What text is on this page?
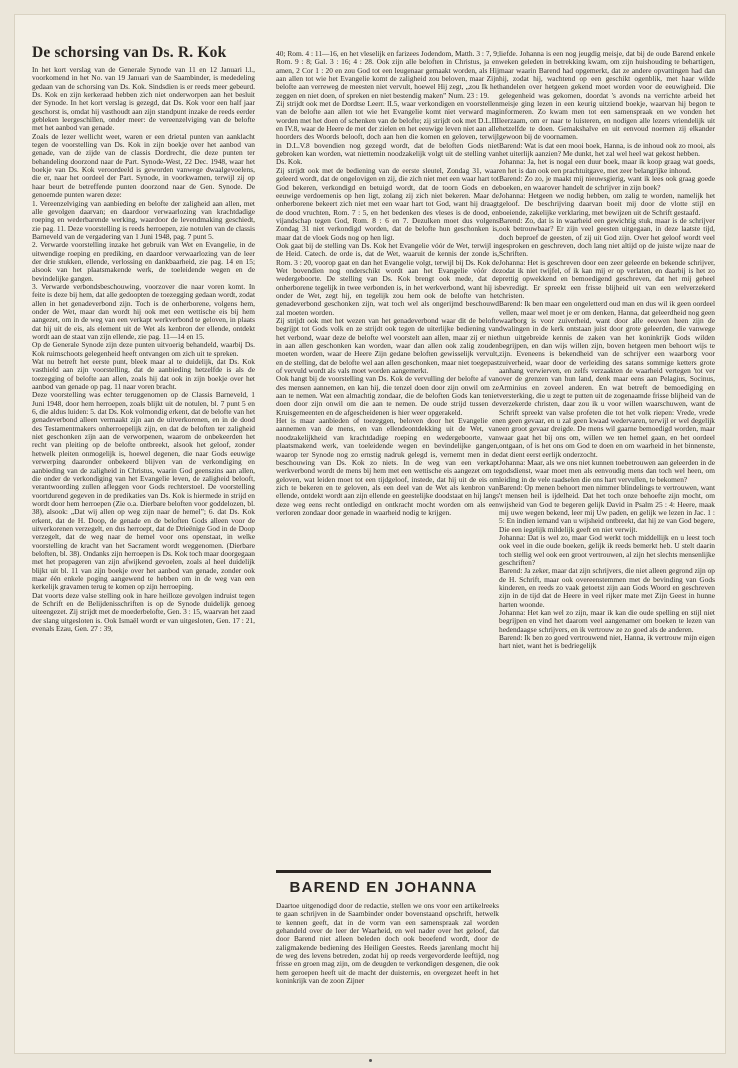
De schorsing van Ds. R. Kok

In het kort verslag van de Generale Synode van 11 en 12 Januari l.l., voorkomend in het No. van 19 Januari van de Saambinder, is mededeling gedaan van de schorsing van Ds. Kok. Sindsdien is er reeds meer gebeurd. Ds. Kok en zijn kerkeraad hebben zich niet onderworpen aan het besluit der Synode. In het kort verslag is gezegd, dat Ds. Kok voor een half jaar geschorst is, omdat hij vasthoudt aan zijn standpunt inzake de reeds eerder gebleken leergeschillen, onder meer: de vereenzelviging van de belofte met het aanbod van genade.

Zoals de lezer wellicht weet, waren er een drietal punten van aanklacht tegen de voorstelling van Ds. Kok in zijn boekje over het aanbod van genade, van de zijde van de classis Dordrecht, die deze punten ter behandeling doorzond naar de Part. Synode-West, 22 Dec. 1948, waar het boekje van Ds. Kok veroordeeld is geworden vanwege dwaalgevoelens, die er, naar het oordeel der Part. Synode, in voorkwamen, terwijl zij op haar beurt de betreffende punten doorzond naar de Gen. Synode. De genoemde punten waren deze:

1. Vereenzelviging van aanbieding en belofte der zaligheid aan allen, met alle gevolgen daarvan; en daardoor verwaarlozing van krachtdadige roeping en wederbarende werking, waardoor de levendmaking geschiedt, zie pag. 11. Deze voorstelling is reeds herroepen, zie notulen van de classis Barneveld van de vergadering van 1 Juni 1948, pag. 7 punt 5.

2. Verwarde voorstelling inzake het gebruik van Wet en Evangelie, in de uitwendige roeping en prediking, en daardoor verwaarlozing van de leer der drie stukken, ellende, verlossing en dankbaarheid, zie pag. 14 en 15; alsook van het plaatsmakende werk, de toeleidende wegen en de bevindelijke gangen.

3. Verwarde verbondsbeschouwing, voorzover die naar voren komt. In feite is deze bij hem, dat alle gedoopten de toezegging gedaan wordt, zodat allen in het genadeverbond zijn. Toch is de onherborene, volgens hem, onder de Wet, maar dan wordt hij ook met een wettische eis bij hem aangezet, om in de weg van een verkapt werkverbond te geloven, in plaats dat hij uit de eis, als element uit de Wet als kenbron der ellende, ontdekt wordt aan de staat van zijn ellende, zie pag. 11—14 en 15.

Op de Generale Synode zijn deze punten uitvoerig behandeld, waarbij Ds. Kok ruimschoots gelegenheid heeft ontvangen om zich uit te spreken.

Wat nu betreft het eerste punt, bleek maar al te duidelijk, dat Ds. Kok vasthield aan zijn voorstelling, dat de aanbieding hetzelfde is als de toezegging of belofte aan allen, zoals hij dat ook in zijn boekje over het aanbod van genade op pag. 11 naar voren bracht.

Deze voorstelling was echter teruggenomen op de Classis Barneveld, 1 Juni 1948, door hem herroepen, zoals blijkt uit de notulen, bl. 7 punt 5 en 6, die aldus luiden: 5. dat Ds. Kok volmondig erkent, dat de belofte van het genadeverbond alleen vermaakt zijn aan de uitverkorenen, en in de dood des Testamentmakers onherroepelijk zijn, en dat de beloften ter zaligheid niet geschonken zijn aan de verworpenen, waarom de onbekeerden het recht van pleiting op de belofte ontbreekt, alsook het geloof, zonder hetwelk pleiten onmogelijk is, hoewel degenen, die naar Gods eeuwige verwerping daaronder onbekeerd blijven van de verkondiging en aanbieding van de zaligheid in Christus, waarin God geenszins aan allen, die onder de verkondiging van het Evangelie leven, de zaligheid belooft, verantwoording zullen afleggen voor Gods rechterstoel. De voorstelling voortdurend gegeven in de predikaties van Ds. Kok is hiermede in strijd en wordt door hem herroepen (Zie o.a. Dierbare beloften voor goddelozen, bl. 38), alsook: „Dat wij allen op weg zijn naar de hemel”; 6. dat Ds. Kok erkent, dat de H. Doop, de genade en de beloften Gods alleen voor de uitverkorenen verzegelt, en dus herroept, dat de Drieënige God in de Doop verzegelt, dat de weg naar de hemel voor ons openstaat, in welke voorstelling de kracht van het Sacrament wordt weggenomen. (Dierbare beloften, bl. 38). Ondanks zijn herroepen is Ds. Kok toch maar doorgegaan met het propageren van zijn afwijkend gevoelen, zoals al heel duidelijk blijkt uit bl. 11 van zijn boekje over het aanbod van genade, zonder ook maar één enkele poging aangewend te hebben om in de weg van een kerkelijk gravamen terug te komen op zijn herroeping.

Dat voorts deze valse stelling ook in hare heilloze gevolgen indruist tegen de Schrift en de Belijdenisschriften is op de Synode duidelijk genoeg uiteengezet. Zij strijdt met de moederbelofte, Gen. 3 : 15, waarvan het zaad der slang uitgesloten is. Ook Ismaël wordt er van uitgesloten, Gen. 17 : 21, evenals Ezau, Gen. 27 : 39,

40; Rom. 4 : 11—16, en het vleselijk en farizees Jodendom, Matth. 3 : 7, 9; Rom. 9 : 8; Gal. 3 : 16; 4 : 28. Ook zijn alle beloften in Christus, ja en amen, 2 Cor 1 : 20 en zou God tot een leugenaar gemaakt worden, als Hij aan allen tot wie het Evangelie komt de zaligheid zou beloven, maar Zijn belofte aan verreweg de meesten niet vervult, hoewel Hij zegt, „zou Ik het zeggen en niet doen, of spreken en niet bestendig maken” Num. 23 : 19.

Zij strijdt ook met de Dordtse Leerr. II.5, waar verkondigen en voorstellen van de belofte aan allen tot wie het Evangelie komt niet verward mag worden met het doen of schenken van de belofte; zij strijdt ook met D.L.III en IV.8, waar de Heere de met der zielen en het eeuwige leven niet aan alle hoorders des Woords belooft, doch aan hen die komen en geloven, terwijl in D.L.V.8 bovendien nog gezegd wordt, dat de beloften Gods niet gebroken kan worden, wat niettemin noodzakelijk volgt uit de stelling van Ds. Kok.

Zij strijdt ook met de bediening van de eerste sleutel, Zondag 31, waar geleerd wordt, dat de ongelovigen en zij, die zich niet met een waar hart tot God bekeren, verkondigd en betuigd wordt, dat de toorn Gods en de eeuwige verdoemenis op hen ligt, zolang zij zich niet bekeren. Maar de onherborene bekeert zich niet met een waar hart tot God, want hij draagt de dood vruchten, Rom. 7 : 5, en het bedenken des vleses is de dood, en vijandschap tegen God, Rom. 8 : 6 en 7. Dezulken moet dus volgens Zondag 31 niet verkondigd worden, dat de belofte hun geschonken is, maar dat de vloek Gods nog op hen ligt.

Ook gaat bij de stelling van Ds. Kok het Evangelie vóór de Wet, terwijl in de Heid. Catech. de orde is, dat de Wet, waaruit de kennis der zonde is, Rom. 3 : 20, voorop gaat en dan het Evangelie volgt, terwijl bij Ds. Kok de Wet bovendien nog onderschikt wordt aan het Evangelie vóór de wedergeboorte. De stelling van Ds. Kok brengt ook mede, dat de onherborene tegelijk in twee verbonden is, in het werkverbond, want hij is onder de Wet, zegt hij, en tegelijk zou hem ook de belofte van het genadeverbond geschonken zijn, wat toch wel als ongerijmd beschouwd zal moeten worden.

Zij strijdt ook met het wezen van het genadeverbond waar dit de belofte begrijpt tot Gods volk en ze strijdt ook tegen de uiterlijke bediening van het verbond, waar deze de belofte wel voorstelt aan allen, maar zij er niet in aan allen geschonken kan worden, waar dan allen ook zalig zouden moeten worden, waar de Heere Zijn gedane beloften gewisselijk vervult, en de stelling, dat de belofte wel aan allen geschonken, maar niet toegepast of vervuld wordt als vals moet worden aangemerkt.

Ook hangt bij de voorstelling van Ds. Kok de vervulling der belofte af van des mensen aannemen, en kan hij, die tenzel doen door zijn onwil om ze aan te nemen. Wat een almachtig zondaar, die de beloften Gods kan teniet doen door zijn onwil om die aan te nemen. De oude strijd tussen de Kruisgemeenten en de afgescheidenen is hier weer opgerakeld.

Het is maar aanbieden of toezeggen, beloven door het Evangelie en aannemen van de mens, en van ellendeontdekking uit de Wet, van noodzakelijkheid van krachtdadige roeping en wedergeboorte, van plaatsmakend werk, van toeleidende wegen en bevindelijke gangen, waarop ter Synode nog zo ernstig nadruk gelegd is, vernemt men in de beschouwing van Ds. Kok zo niets. In de weg van een verkapt werkverbond wordt de mens bij hem met een wettische eis aangezet om te geloven, wat leiden moet tot een tijdgeloof, instede, dat hij uit de eis om zich te bekeren en te geloven, als een deel van de Wet als kenbron van ellende, ontdekt wordt aan zijn ellende en geestelijke doodstaat en hij langs deze weg eens recht ontledigd en ontkracht mocht worden om als een verloren zondaar door genade in waarheid nodig te krijgen.

BAREND EN JOHANNA

Daartoe uitgenodigd door de redactie, stellen we ons voor een artikelreeks te gaan schrijven in de Saambinder onder bovenstaand opschrift, hetwelk te kennen geeft, dat in de vorm van een samenspraak zal worden gehandeld over de leer der Waarheid, en wel nader over het geloof, dat door Barend niet alleen beleden doch ook beoefend wordt, door de zaligmakende bediening des Heiligen Geestes. Reeds jarenlang mocht hij de weg des levens betreden, zodat hij op reeds vergevorderde leeftijd, nog frisse en groen mag zijn, om de deugden te verkondigen desgenen, die ook hem geroepen heeft uit de macht der duisternis, en overgezet heeft in het koninkrijk van de zoon Zijner

liefde. Johanna is een nog jeugdig meisje, dat bij de oude Barend enkele weken geleden in betrekking kwam, om zijn huishouding te behartigen, maar waarin Barend had opgemerkt, dat ze andere opvattingen had dan hij, zodat hij, wachtend op een geschikt ogenblik, met haar wilde handelen over hetgeen gekend moet worden voor de eeuwigheid. Die gelegenheid was gekomen, doordat 's avonds na verrichte arbeid het meisje ging lezen in een keurig uitziend boekje, waarvan hij begon te informeren. Zo kwam men tot een samenspraak en we vonden het leerzaam, om er naar te luisteren, en nodigen alle lezers vriendelijk uit hetzelfde te doen. Gemakshalve en uit eenvoud noemen zij elkander gewoon bij de voornamen.

Barend: Wat is dat een mooi boek, Hanna, is de inhoud ook zo mooi, als het uiterlijk aanzien? Me dunkt, het zal wel heel wat gekost hebben.

Johanna: Ja, het is nogal een duur boek, maar ik koop graag wat goeds, en het is dan ook een prachtuitgave, met zeer belangrijke inhoud.

Barend: Zo zo, je maakt mij nieuwsgierig, want ik lees ook graag goede boeken, en waarover handelt de schrijver in zijn boek?

Johanna: Hetgeen we nodig hebben, om zalig te worden, namelijk het geloof. De beschrijving daarvan boeit mij door de vlotte stijl en boeiende, zakelijke verklaring, met bewijzen uit de Schrift gestaafd.

Barend: Zo, dat is in waarheid een gewichtig stuk, maar is de schrijver ook betrouwbaar? Er zijn veel geesten uitgegaan, in deze laatste tijd, doch beproef de geesten, of zij uit God zijn. Over het geloof wordt veel gesproken en geschreven, doch lang niet altijd op de juiste wijze naar de Schriften.

Johanna: Het is geschreven door een zeer geleerde en bekende schrijver, zodat ik niet twijfel, of ik kan mij er op verlaten, en daarbij is het zo prettig opwekkend en bemoedigend geschreven, dat het mij geheel bevredigt. Er spreekt een frisse blijheid uit van een welverzekerd christen.

Barend: Ik ben maar een ongeletterd oud man en dus wil ik geen oordeel vellen, maar wel moet je er om denken, Hanna, dat geleerdheid nog geen waarborg is voor zuiverheid, want door alle eeuwen heen zijn de dwalingen in de kerk ontstaan juist door grote geleerden, die vanwege hun uitgebreide kennis de zaken van het koninkrijk Gods wilden begrijpen, en dan wijs willen zijn, boven hetgeen men behoort wijs te zijn. Eveneens is bekendheid van de schrijver een waarborg voor zuiverheid, waar door de verleiding des satans sommige ketters grote aanhang verwierven, en zelfs verzaakten de waarheid vertegen 'tot ver over de grenzen van hun land, denk maar eens aan Pelagius, Socinus, Arminius en zoveel anderen. En wat betreft de bemoediging en versterking, die u zegt te putten uit de zogenaamde frisse blijheid van de verzekerde christen, daar zou ik u voor willen waarschuwen, want de Schrift spreekt van valse profeten die tot het volk riepen: Vrede, vrede en geen gevaar, en u zal geen kwaad wedervaren, terwijl er wel degelijk een groot gevaar dreigde. De mens wil gaarne bemoedigd worden, maar waar gaat het bij ons om, willen we ten hemel gaan, en het oordeel ontgaan, of is het ons om God te doen en om waarheid in het binnenste, dat dient eerst eerlijk onderzocht.

Johanna: Maar, als we ons niet kunnen toebetrouwen aan geleerden in de godsdienst, waar moet men als eenvoudig mens dan toch wel heen, om leiding in de vele raadselen die ons hart vervullen, te bekomen?

Barend: Op menen behoort men nimmer blindelings te vertrouwen, want 't mensen heil is ijdelheid. Dat het toch onze behoefte zijn mocht, om wijsheid van God te begeren gelijk David in Psalm 25 : 4: Heere, maak mij uwe wegen bekend, leer mij Uw paden, en gelijk we lezen in Jac. 1 : 5: En indien iemand van u wijsheid ontbreekt, dat hij ze van God begere, Die een iegelijk mildelijk geeft en niet verwijt.

Johanna: Dat is wel zo, maar God werkt toch middellijk en u leest toch ook veel in die oude boeken, gelijk ik reeds bemerkt heb. U stelt daarin toch stellig wel ook een groot vertrouwen, al zijn het slechts mensenlijke geschriften?

Barend: Ja zeker, maar dat zijn schrijvers, die niet alleen gegrond zijn op de H. Schrift, maar ook overeenstemmen met de bevinding van Gods kinderen, en reeds zo vaak getoetst zijn aan Gods Woord en geschreven zijn in de tijd dat de Heere in veel rijker mate met Zijn Geest in hunne harten woonde.

Johanna: Het kan wel zo zijn, maar ik kan die oude spelling en stijl niet begrijpen en vind het daarom veel aangenamer om boeken te lezen van hedendaagse schrijvers, en ik vertrouw ze zo goed als de anderen.

Barend: Ik ben zo goed vertrouwend niet, Hanna, ik vertrouw mijn eigen hart niet, want het is bedriegelijk
